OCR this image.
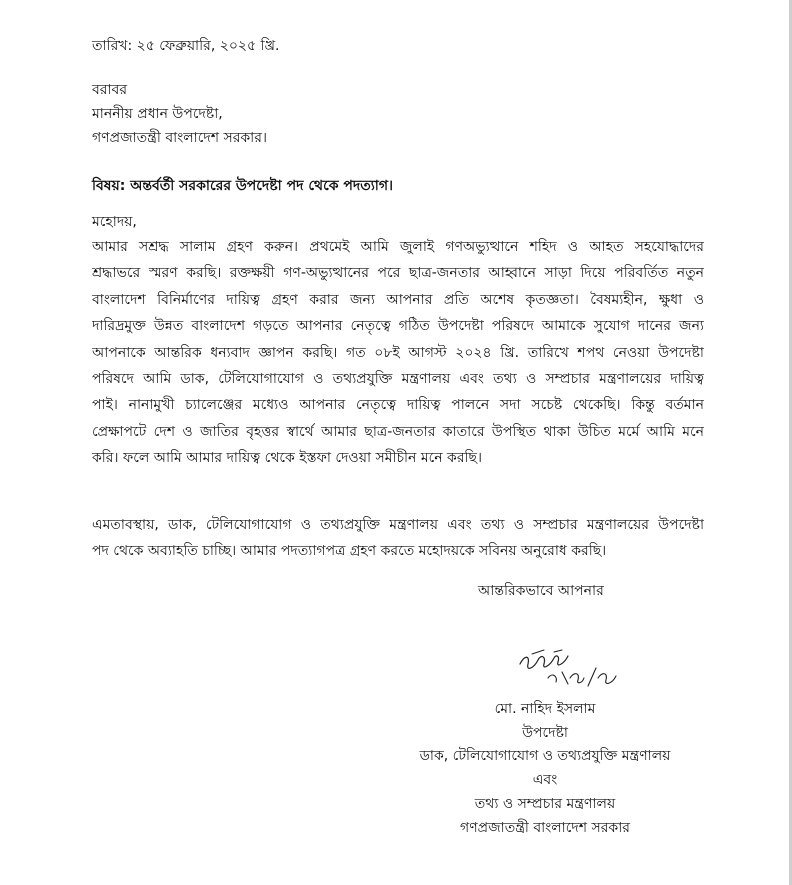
তারিখ: ২৫ ফেব্রুয়ারি, ২০২৫ খ্রি.
বরাবর
মাননীয় প্রধান উপদেষ্টা,
গণপ্রজাতন্ত্রী বাংলাদেশ সরকার।
বিষয়: অন্তর্বর্তী সরকারের উপদেষ্টা পদ থেকে পদত্যাগ।
মহোদয়,
আমার সশ্রদ্ধ সালাম গ্রহণ করুন। প্রথমেই আমি জুলাই গণঅভ্যুত্থানে শহিদ ও আহত সহযোদ্ধাদের
শ্রদ্ধাভরে স্মরণ করছি। রক্তক্ষয়ী গণ-অভ্যুত্থানের পরে ছাত্র-জনতার আহ্বানে সাড়া দিয়ে পরিবর্তিত নতুন
বাংলাদেশ বিনির্মাণের দায়িত্ব গ্রহণ করার জন্য আপনার প্রতি অশেষ কৃতজ্ঞতা। বৈষম্যহীন, ক্ষুধা ও
দারিদ্রমুক্ত উন্নত বাংলাদেশ গড়তে আপনার নেতৃত্বে গঠিত উপদেষ্টা পরিষদে আমাকে সুযোগ দানের জন্য
আপনাকে আন্তরিক ধন্যবাদ জ্ঞাপন করছি। গত ০৮ই আগস্ট ২০২৪ খ্রি. তারিখে শপথ নেওয়া উপদেষ্টা
পরিষদে আমি ডাক, টেলিযোগাযোগ ও তথ্যপ্রযুক্তি মন্ত্রণালয় এবং তথ্য ও সম্প্রচার মন্ত্রণালয়ের দায়িত্ব
পাই। নানামুখী চ্যালেঞ্জের মধ্যেও আপনার নেতৃত্বে দায়িত্ব পালনে সদা সচেষ্ট থেকেছি। কিন্তু বর্তমান
প্রেক্ষাপটে দেশ ও জাতির বৃহত্তর স্বার্থে আমার ছাত্র-জনতার কাতারে উপস্থিত থাকা উচিত মর্মে আমি মনে
করি। ফলে আমি আমার দায়িত্ব থেকে ইস্তফা দেওয়া সমীচীন মনে করছি।
এমতাবস্থায়, ডাক, টেলিযোগাযোগ ও তথ্যপ্রযুক্তি মন্ত্রণালয় এবং তথ্য ও সম্প্রচার মন্ত্রণালয়ের উপদেষ্টা
পদ থেকে অব্যাহতি চাচ্ছি। আমার পদত্যাগপত্র গ্রহণ করতে মহোদয়কে সবিনয় অনুরোধ করছি।
আন্তরিকভাবে আপনার
মো. নাহিদ ইসলাম
উপদেষ্টা
ডাক, টেলিযোগাযোগ ও তথ্যপ্রযুক্তি মন্ত্রণালয়
এবং
তথ্য ও সম্প্রচার মন্ত্রণালয়
গণপ্রজাতন্ত্রী বাংলাদেশ সরকার
